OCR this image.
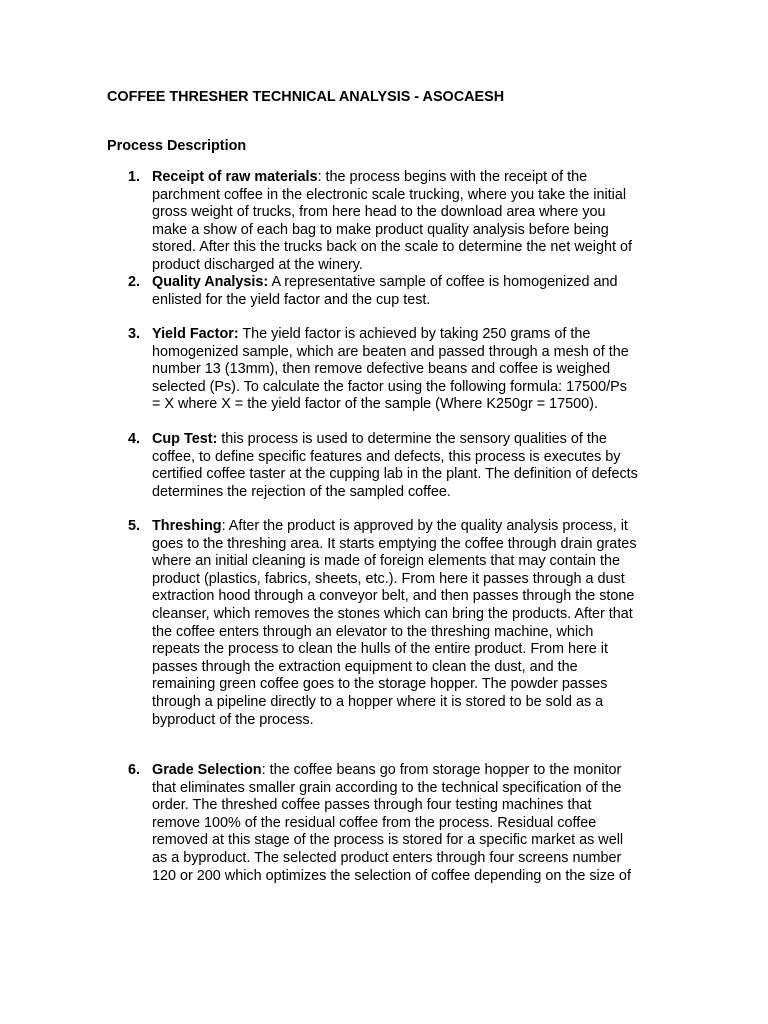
COFFEE THRESHER TECHNICAL ANALYSIS - ASOCAESH
Process Description
1. Receipt of raw materials: the process begins with the receipt of the
parchment coffee in the electronic scale trucking, where you take the initial
gross weight of trucks, from here head to the download area where you
make a show of each bag to make product quality analysis before being
stored. After this the trucks back on the scale to determine the net weight of
product discharged at the winery.
2. Quality Analysis: A representative sample of coffee is homogenized and
enlisted for the yield factor and the cup test.
3. Yield Factor: The yield factor is achieved by taking 250 grams of the
homogenized sample, which are beaten and passed through a mesh of the
number 13 (13mm), then remove defective beans and coffee is weighed
selected (Ps). To calculate the factor using the following formula: 17500/Ps
= X where X = the yield factor of the sample (Where K250gr = 17500).
4. Cup Test: this process is used to determine the sensory qualities of the
coffee, to define specific features and defects, this process is executes by
certified coffee taster at the cupping lab in the plant. The definition of defects
determines the rejection of the sampled coffee.
5. Threshing: After the product is approved by the quality analysis process, it
goes to the threshing area. It starts emptying the coffee through drain grates
where an initial cleaning is made of foreign elements that may contain the
product (plastics, fabrics, sheets, etc.). From here it passes through a dust
extraction hood through a conveyor belt, and then passes through the stone
cleanser, which removes the stones which can bring the products. After that
the coffee enters through an elevator to the threshing machine, which
repeats the process to clean the hulls of the entire product. From here it
passes through the extraction equipment to clean the dust, and the
remaining green coffee goes to the storage hopper. The powder passes
through a pipeline directly to a hopper where it is stored to be sold as a
byproduct of the process.
6. Grade Selection: the coffee beans go from storage hopper to the monitor
that eliminates smaller grain according to the technical specification of the
order. The threshed coffee passes through four testing machines that
remove 100% of the residual coffee from the process. Residual coffee
removed at this stage of the process is stored for a specific market as well
as a byproduct. The selected product enters through four screens number
120 or 200 which optimizes the selection of coffee depending on the size of
